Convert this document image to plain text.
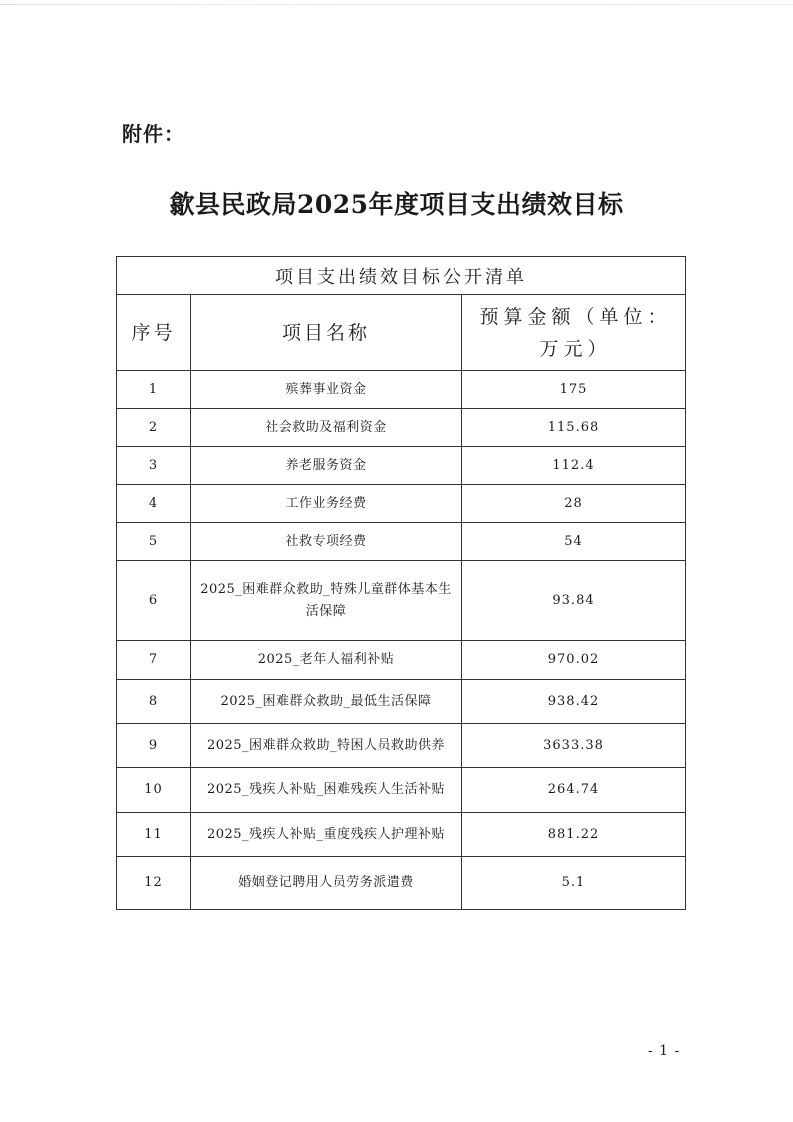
附件：
歙县民政局2025年度项目支出绩效目标
项目支出绩效目标公开清单		
序号	项目名称	预算金额（单位：万元）
1	殡葬事业资金	175
2	社会救助及福利资金	115.68
3	养老服务资金	112.4
4	工作业务经费	28
5	社救专项经费	54
6	2025_困难群众救助_特殊儿童群体基本生活保障	93.84
7	2025_老年人福利补贴	970.02
8	2025_困难群众救助_最低生活保障	938.42
9	2025_困难群众救助_特困人员救助供养	3633.38
10	2025_残疾人补贴_困难残疾人生活补贴	264.74
11	2025_残疾人补贴_重度残疾人护理补贴	881.22
12	婚姻登记聘用人员劳务派遣费	5.1
- 1 -
